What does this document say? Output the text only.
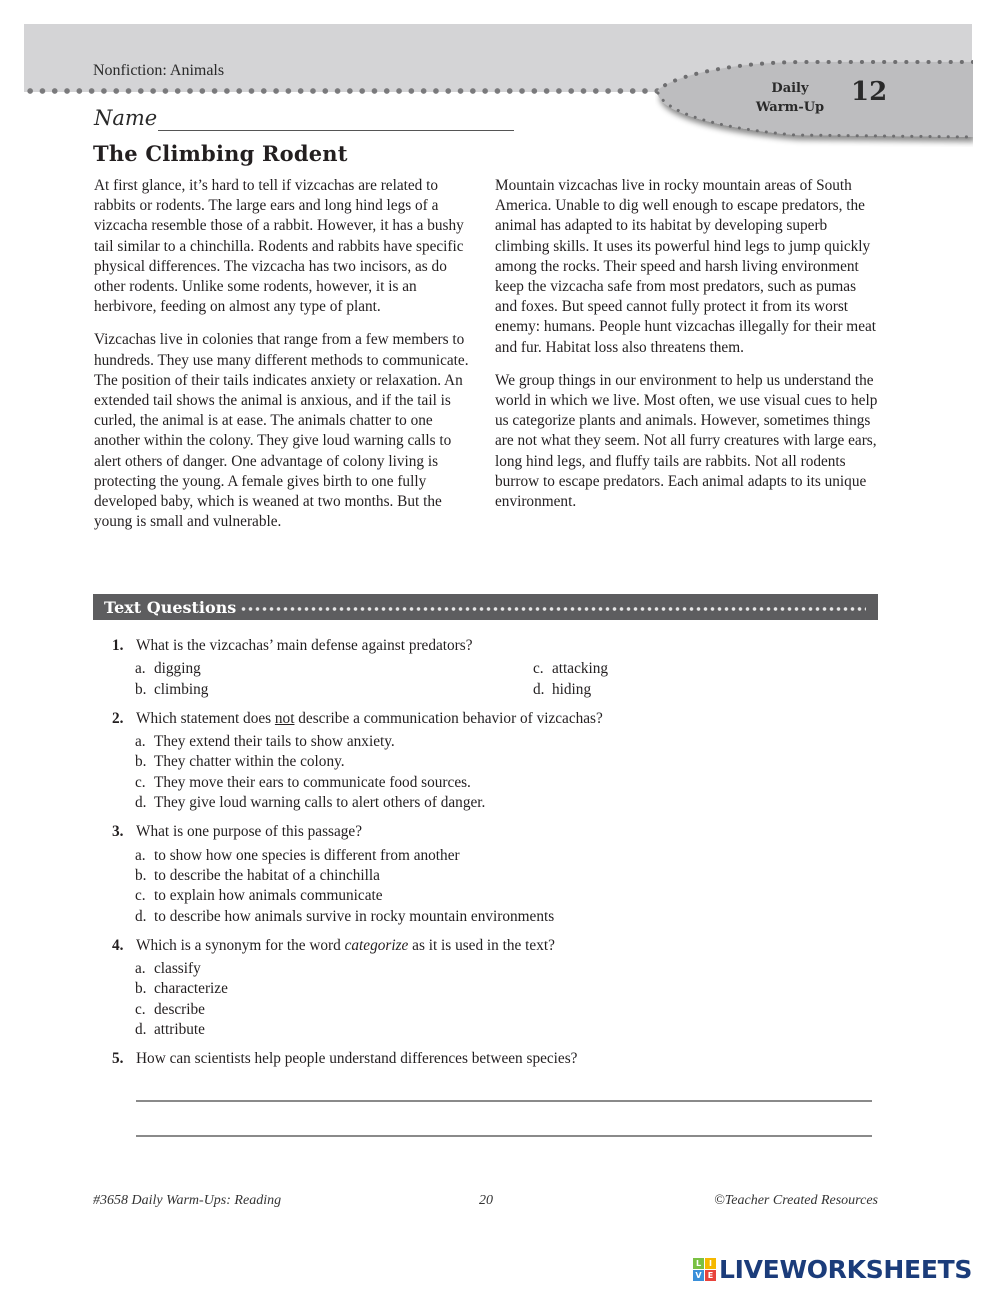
Nonfiction: Animals
Daily
Warm-Up
12
Name
The Climbing Rodent

At first glance, it’s hard to tell if vizcachas are related to rabbits or rodents. The large ears and long hind legs of a vizcacha resemble those of a rabbit. However, it has a bushy tail similar to a chinchilla. Rodents and rabbits have specific physical differences. The vizcacha has two incisors, as do other rodents. Unlike some rodents, however, it is an herbivore, feeding on almost any type of plant.

Vizcachas live in colonies that range from a few members to hundreds. They use many different methods to communicate. The position of their tails indicates anxiety or relaxation. An extended tail shows the animal is anxious, and if the tail is curled, the animal is at ease. The animals chatter to one another within the colony. They give loud warning calls to alert others of danger. One advantage of colony living is protecting the young. A female gives birth to one fully developed baby, which is weaned at two months. But the young is small and vulnerable.

Mountain vizcachas live in rocky mountain areas of South America. Unable to dig well enough to escape predators, the animal has adapted to its habitat by developing superb climbing skills. It uses its powerful hind legs to jump quickly among the rocks. Their speed and harsh living environment keep the vizcacha safe from most predators, such as pumas and foxes. But speed cannot fully protect it from its worst enemy: humans. People hunt vizcachas illegally for their meat and fur. Habitat loss also threatens them.

We group things in our environment to help us understand the world in which we live. Most often, we use visual cues to help us categorize plants and animals. However, sometimes things are not what they seem. Not all furry creatures with large ears, long hind legs, and fluffy tails are rabbits. Not all rodents burrow to escape predators. Each animal adapts to its unique environment.

Text Questions
1. What is the vizcachas’ main defense against predators?
a. digging	c. attacking
b. climbing	d. hiding
2. Which statement does not describe a communication behavior of vizcachas?
a. They extend their tails to show anxiety.
b. They chatter within the colony.
c. They move their ears to communicate food sources.
d. They give loud warning calls to alert others of danger.
3. What is one purpose of this passage?
a. to show how one species is different from another
b. to describe the habitat of a chinchilla
c. to explain how animals communicate
d. to describe how animals survive in rocky mountain environments
4. Which is a synonym for the word categorize as it is used in the text?
a. classify
b. characterize
c. describe
d. attribute
5. How can scientists help people understand differences between species?
#3658 Daily Warm-Ups: Reading	20	©Teacher Created Resources
L I
V E LIVEWORKSHEETS
